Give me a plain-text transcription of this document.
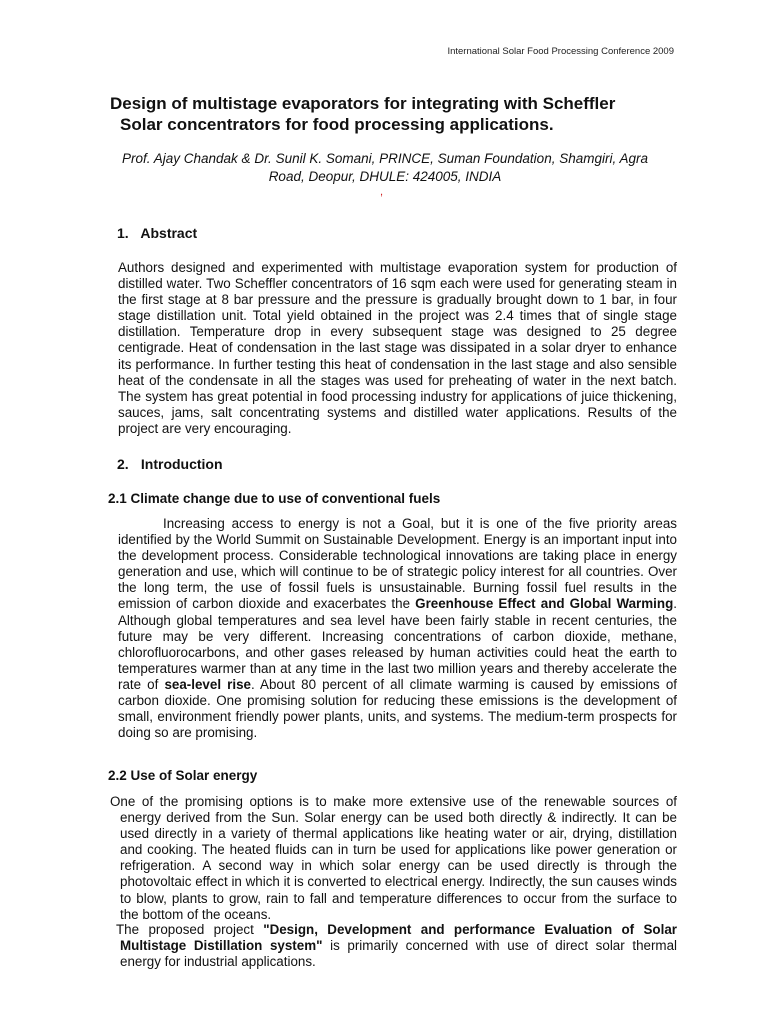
International Solar Food Processing Conference 2009
Design of multistage evaporators for integrating with Scheffler
Solar concentrators for food processing applications.
Prof. Ajay Chandak & Dr. Sunil K. Somani, PRINCE, Suman Foundation, Shamgiri, Agra
Road, Deopur, DHULE: 424005, INDIA
,
1. Abstract

Authors designed and experimented with multistage evaporation system for production of distilled water. Two Scheffler concentrators of 16 sqm each were used for generating steam in the first stage at 8 bar pressure and the pressure is gradually brought down to 1 bar, in four stage distillation unit. Total yield obtained in the project was 2.4 times that of single stage distillation. Temperature drop in every subsequent stage was designed to 25 degree centigrade. Heat of condensation in the last stage was dissipated in a solar dryer to enhance its performance. In further testing this heat of condensation in the last stage and also sensible heat of the condensate in all the stages was used for preheating of water in the next batch. The system has great potential in food processing industry for applications of juice thickening, sauces, jams, salt concentrating systems and distilled water applications. Results of the project are very encouraging.

2. Introduction
2.1 Climate change due to use of conventional fuels

Increasing access to energy is not a Goal, but it is one of the five priority areas identified by the World Summit on Sustainable Development. Energy is an important input into the development process. Considerable technological innovations are taking place in energy generation and use, which will continue to be of strategic policy interest for all countries. Over the long term, the use of fossil fuels is unsustainable. Burning fossil fuel results in the emission of carbon dioxide and exacerbates the Greenhouse Effect and Global Warming. Although global temperatures and sea level have been fairly stable in recent centuries, the future may be very different. Increasing concentrations of carbon dioxide, methane, chlorofluorocarbons, and other gases released by human activities could heat the earth to temperatures warmer than at any time in the last two million years and thereby accelerate the rate of sea-level rise. About 80 percent of all climate warming is caused by emissions of carbon dioxide. One promising solution for reducing these emissions is the development of small, environment friendly power plants, units, and systems. The medium-term prospects for doing so are promising.

2.2 Use of Solar energy

One of the promising options is to make more extensive use of the renewable sources of energy derived from the Sun. Solar energy can be used both directly & indirectly. It can be used directly in a variety of thermal applications like heating water or air, drying, distillation and cooking. The heated fluids can in turn be used for applications like power generation or refrigeration. A second way in which solar energy can be used directly is through the photovoltaic effect in which it is converted to electrical energy. Indirectly, the sun causes winds to blow, plants to grow, rain to fall and temperature differences to occur from the surface to the bottom of the oceans.

The proposed project "Design, Development and performance Evaluation of Solar Multistage Distillation system" is primarily concerned with use of direct solar thermal energy for industrial applications.
